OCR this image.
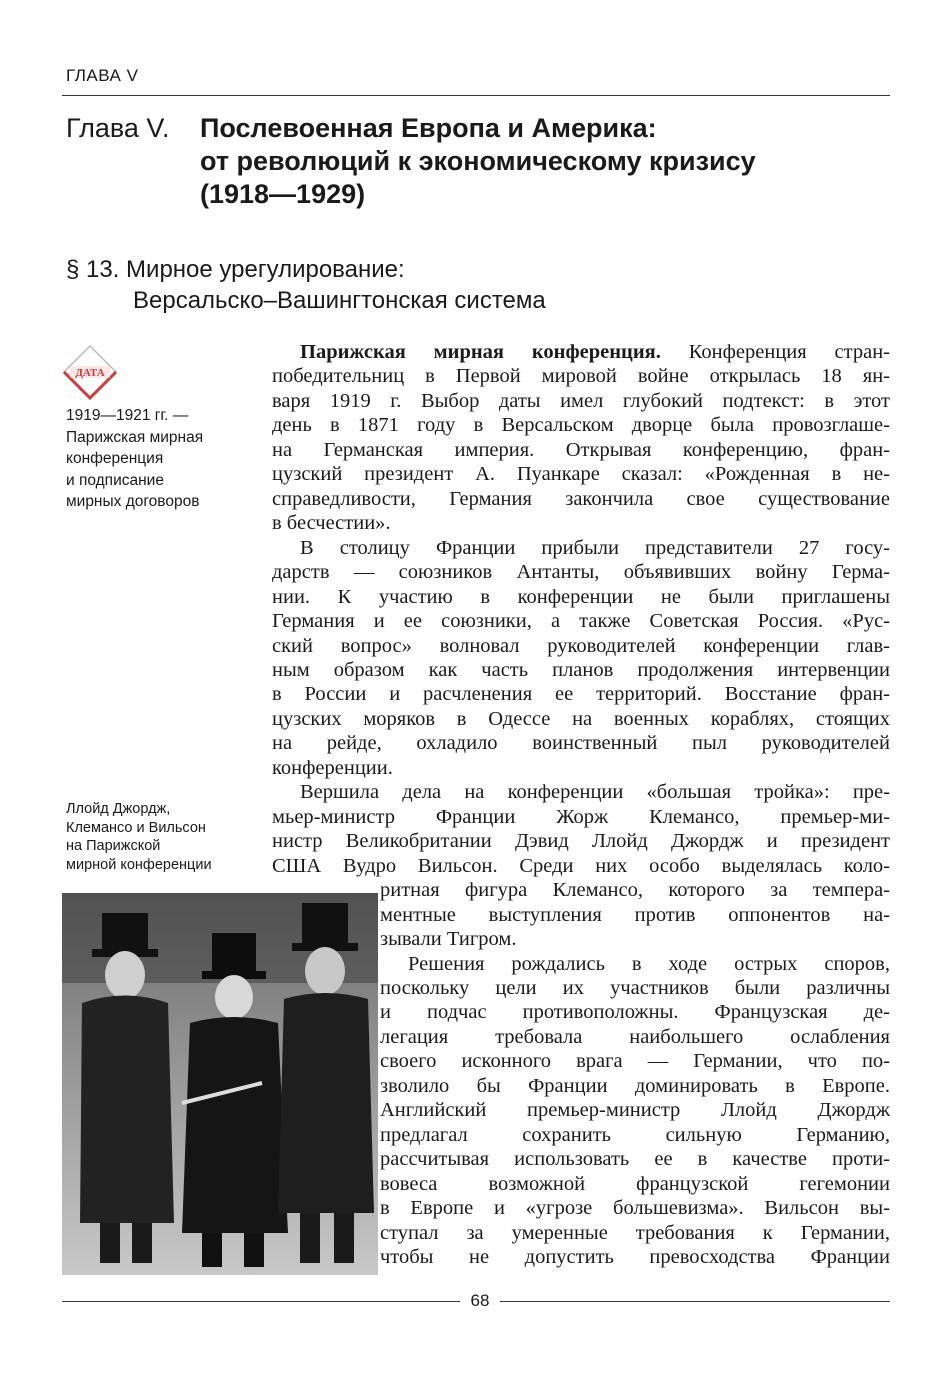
ГЛАВА V
Глава V. Послевоенная Европа и Америка:
от революций к экономическому кризису
(1918—1929)
§ 13. Мирное урегулирование:
Версальско–Вашингтонская система
ДАТА
1919—1921 гг. —
Парижская мирная
конференция
и подписание
мирных договоров
Ллойд Джордж,
Клемансо и Вильсон
на Парижской
мирной конференции
Парижская мирная конференция. Конференция стран-
победительниц в Первой мировой войне открылась 18 ян-
варя 1919 г. Выбор даты имел глубокий подтекст: в этот
день в 1871 году в Версальском дворце была провозглаше-
на Германская империя. Открывая конференцию, фран-
цузский президент А. Пуанкаре сказал: «Рожденная в не-
справедливости, Германия закончила свое существование
в бесчестии».
В столицу Франции прибыли представители 27 госу-
дарств — союзников Антанты, объявивших войну Герма-
нии. К участию в конференции не были приглашены
Германия и ее союзники, а также Советская Россия. «Рус-
ский вопрос» волновал руководителей конференции глав-
ным образом как часть планов продолжения интервенции
в России и расчленения ее территорий. Восстание фран-
цузских моряков в Одессе на военных кораблях, стоящих
на рейде, охладило воинственный пыл руководителей
конференции.
Вершила дела на конференции «большая тройка»: пре-
мьер-министр Франции Жорж Клемансо, премьер-ми-
нистр Великобритании Дэвид Ллойд Джордж и президент
США Вудро Вильсон. Среди них особо выделялась коло-
ритная фигура Клемансо, которого за темпера-
ментные выступления против оппонентов на-
зывали Тигром.
Решения рождались в ходе острых споров,
поскольку цели их участников были различны
и подчас противоположны. Французская де-
легация требовала наибольшего ослабления
своего исконного врага — Германии, что по-
зволило бы Франции доминировать в Европе.
Английский премьер-министр Ллойд Джордж
предлагал сохранить сильную Германию,
рассчитывая использовать ее в качестве проти-
вовеса возможной французской гегемонии
в Европе и «угрозе большевизма». Вильсон вы-
ступал за умеренные требования к Германии,
чтобы не допустить превосходства Франции
68
